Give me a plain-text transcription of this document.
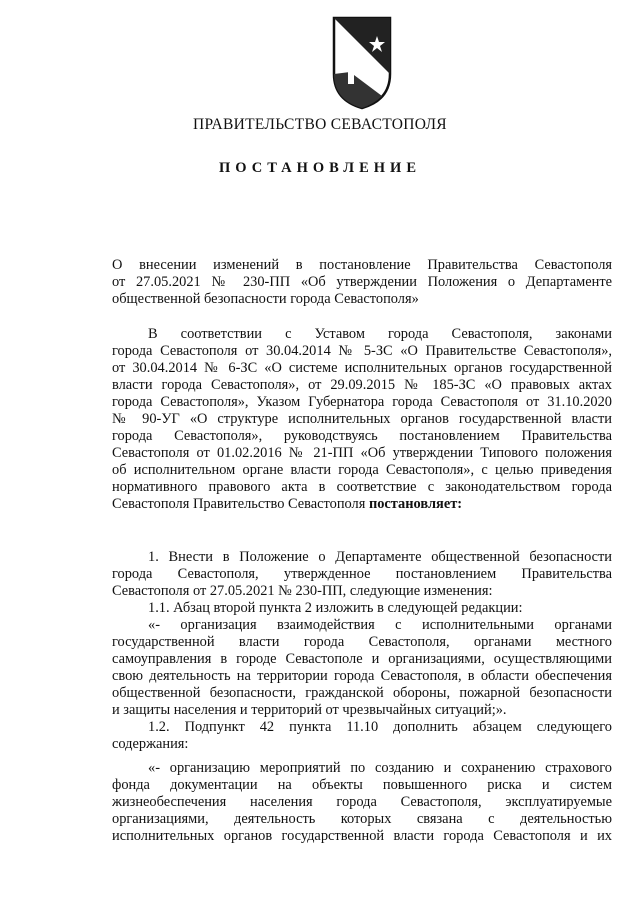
ПРАВИТЕЛЬСТВО СЕВАСТОПОЛЯ
ПОСТАНОВЛЕНИЕ
О внесении изменений в постановление Правительства Севастополя
от 27.05.2021 № 230-ПП «Об утверждении Положения о Департаменте
общественной безопасности города Севастополя»
В соответствии с Уставом города Севастополя, законами
города Севастополя от 30.04.2014 № 5-ЗС «О Правительстве Севастополя»,
от 30.04.2014 № 6-ЗС «О системе исполнительных органов государственной
власти города Севастополя», от 29.09.2015 № 185-ЗС «О правовых актах
города Севастополя», Указом Губернатора города Севастополя от 31.10.2020
№ 90-УГ «О структуре исполнительных органов государственной власти
города Севастополя», руководствуясь постановлением Правительства
Севастополя от 01.02.2016 № 21-ПП «Об утверждении Типового положения
об исполнительном органе власти города Севастополя», с целью приведения
нормативного правового акта в соответствие с законодательством города
Севастополя Правительство Севастополя постановляет:
1. Внести в Положение о Департаменте общественной безопасности
города Севастополя, утвержденное постановлением Правительства
Севастополя от 27.05.2021 № 230-ПП, следующие изменения:
1.1. Абзац второй пункта 2 изложить в следующей редакции:
«- организация взаимодействия с исполнительными органами
государственной власти города Севастополя, органами местного
самоуправления в городе Севастополе и организациями, осуществляющими
свою деятельность на территории города Севастополя, в области обеспечения
общественной безопасности, гражданской обороны, пожарной безопасности
и защиты населения и территорий от чрезвычайных ситуаций;».
1.2. Подпункт 42 пункта 11.10 дополнить абзацем следующего
содержания:
«- организацию мероприятий по созданию и сохранению страхового
фонда документации на объекты повышенного риска и систем
жизнеобеспечения населения города Севастополя, эксплуатируемые
организациями, деятельность которых связана с деятельностью
исполнительных органов государственной власти города Севастополя и их
